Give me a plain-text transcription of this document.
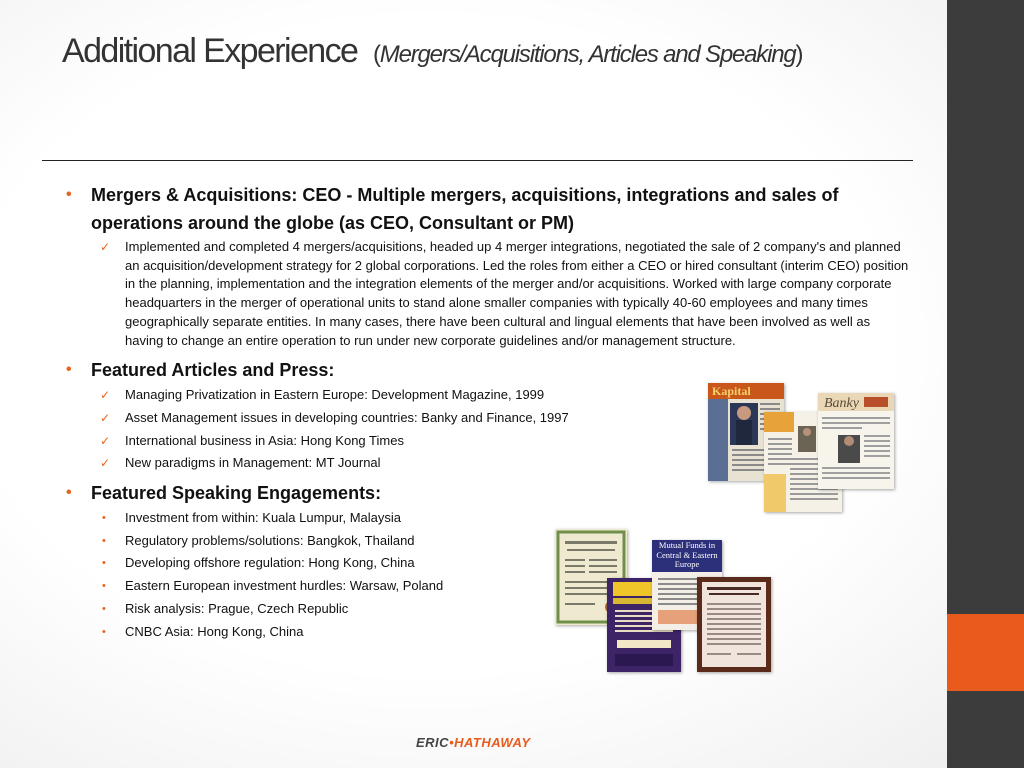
Additional Experience (Mergers/Acquisitions, Articles and Speaking)
• Mergers & Acquisitions: CEO - Multiple mergers, acquisitions, integrations and sales of operations around the globe (as CEO, Consultant or PM)
✓ Implemented and completed 4 mergers/acquisitions, headed up 4 merger integrations, negotiated the sale of 2 company's and planned an acquisition/development strategy for 2 global corporations. Led the roles from either a CEO or hired consultant (interim CEO) position in the planning, implementation and the integration elements of the merger and/or acquisitions. Worked with large company corporate headquarters in the merger of operational units to stand alone smaller companies with typically 40-60 employees and many times geographically separate entities. In many cases, there have been cultural and lingual elements that have been involved as well as having to change an entire operation to run under new corporate guidelines and/or management structure.
• Featured Articles and Press:
✓ Managing Privatization in Eastern Europe: Development Magazine, 1999
✓ Asset Management issues in developing countries: Banky and Finance, 1997
✓ International business in Asia: Hong Kong Times
✓ New paradigms in Management: MT Journal
• Featured Speaking Engagements:
• Investment from within: Kuala Lumpur, Malaysia
• Regulatory problems/solutions: Bangkok, Thailand
• Developing offshore regulation: Hong Kong, China
• Eastern European investment hurdles: Warsaw, Poland
• Risk analysis: Prague, Czech Republic
• CNBC Asia: Hong Kong, China
Kapital
Banky
Mutual Funds in Central & Eastern Europe
ERIC•HATHAWAY
